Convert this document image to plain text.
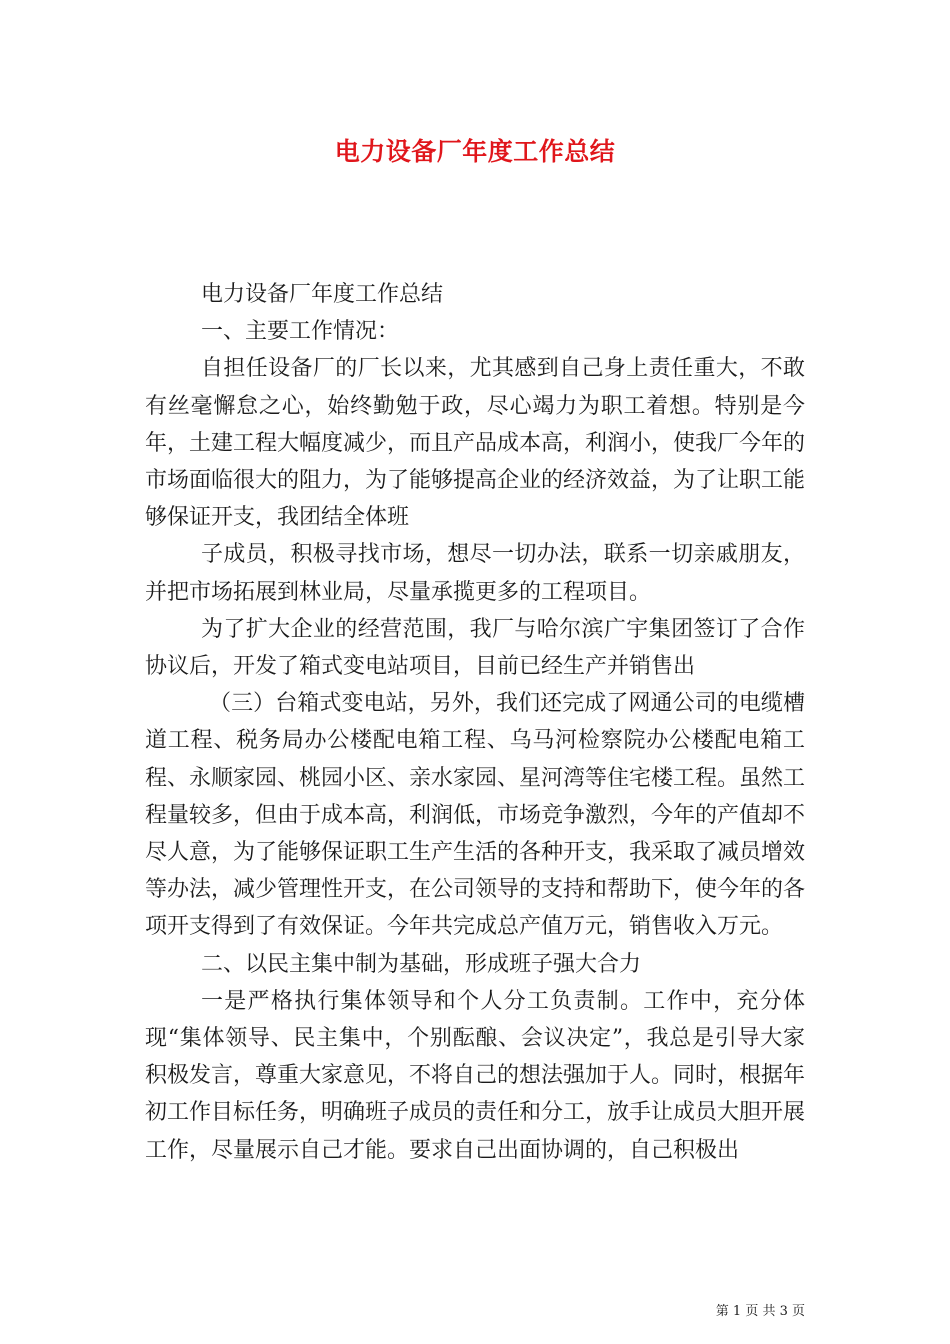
电力设备厂年度工作总结

电力设备厂年度工作总结

一、主要工作情况：

自担任设备厂的厂长以来，尤其感到自己身上责任重大，不敢有丝毫懈怠之心，始终勤勉于政，尽心竭力为职工着想。特别是今年，土建工程大幅度减少，而且产品成本高，利润小，使我厂今年的市场面临很大的阻力，为了能够提高企业的经济效益，为了让职工能够保证开支，我团结全体班

子成员，积极寻找市场，想尽一切办法，联系一切亲戚朋友，并把市场拓展到林业局，尽量承揽更多的工程项目。

为了扩大企业的经营范围，我厂与哈尔滨广宇集团签订了合作协议后，开发了箱式变电站项目，目前已经生产并销售出

（三）台箱式变电站，另外，我们还完成了网通公司的电缆槽道工程、税务局办公楼配电箱工程、乌马河检察院办公楼配电箱工程、永顺家园、桃园小区、亲水家园、星河湾等住宅楼工程。虽然工程量较多，但由于成本高，利润低，市场竞争激烈，今年的产值却不尽人意，为了能够保证职工生产生活的各种开支，我采取了减员增效等办法，减少管理性开支，在公司领导的支持和帮助下，使今年的各项开支得到了有效保证。今年共完成总产值万元，销售收入万元。

二、以民主集中制为基础，形成班子强大合力

一是严格执行集体领导和个人分工负责制。工作中，充分体现“集体领导、民主集中，个别酝酿、会议决定”，我总是引导大家积极发言，尊重大家意见，不将自己的想法强加于人。同时，根据年初工作目标任务，明确班子成员的责任和分工，放手让成员大胆开展工作，尽量展示自己才能。要求自己出面协调的，自己积极出

第 1 页 共 3 页
